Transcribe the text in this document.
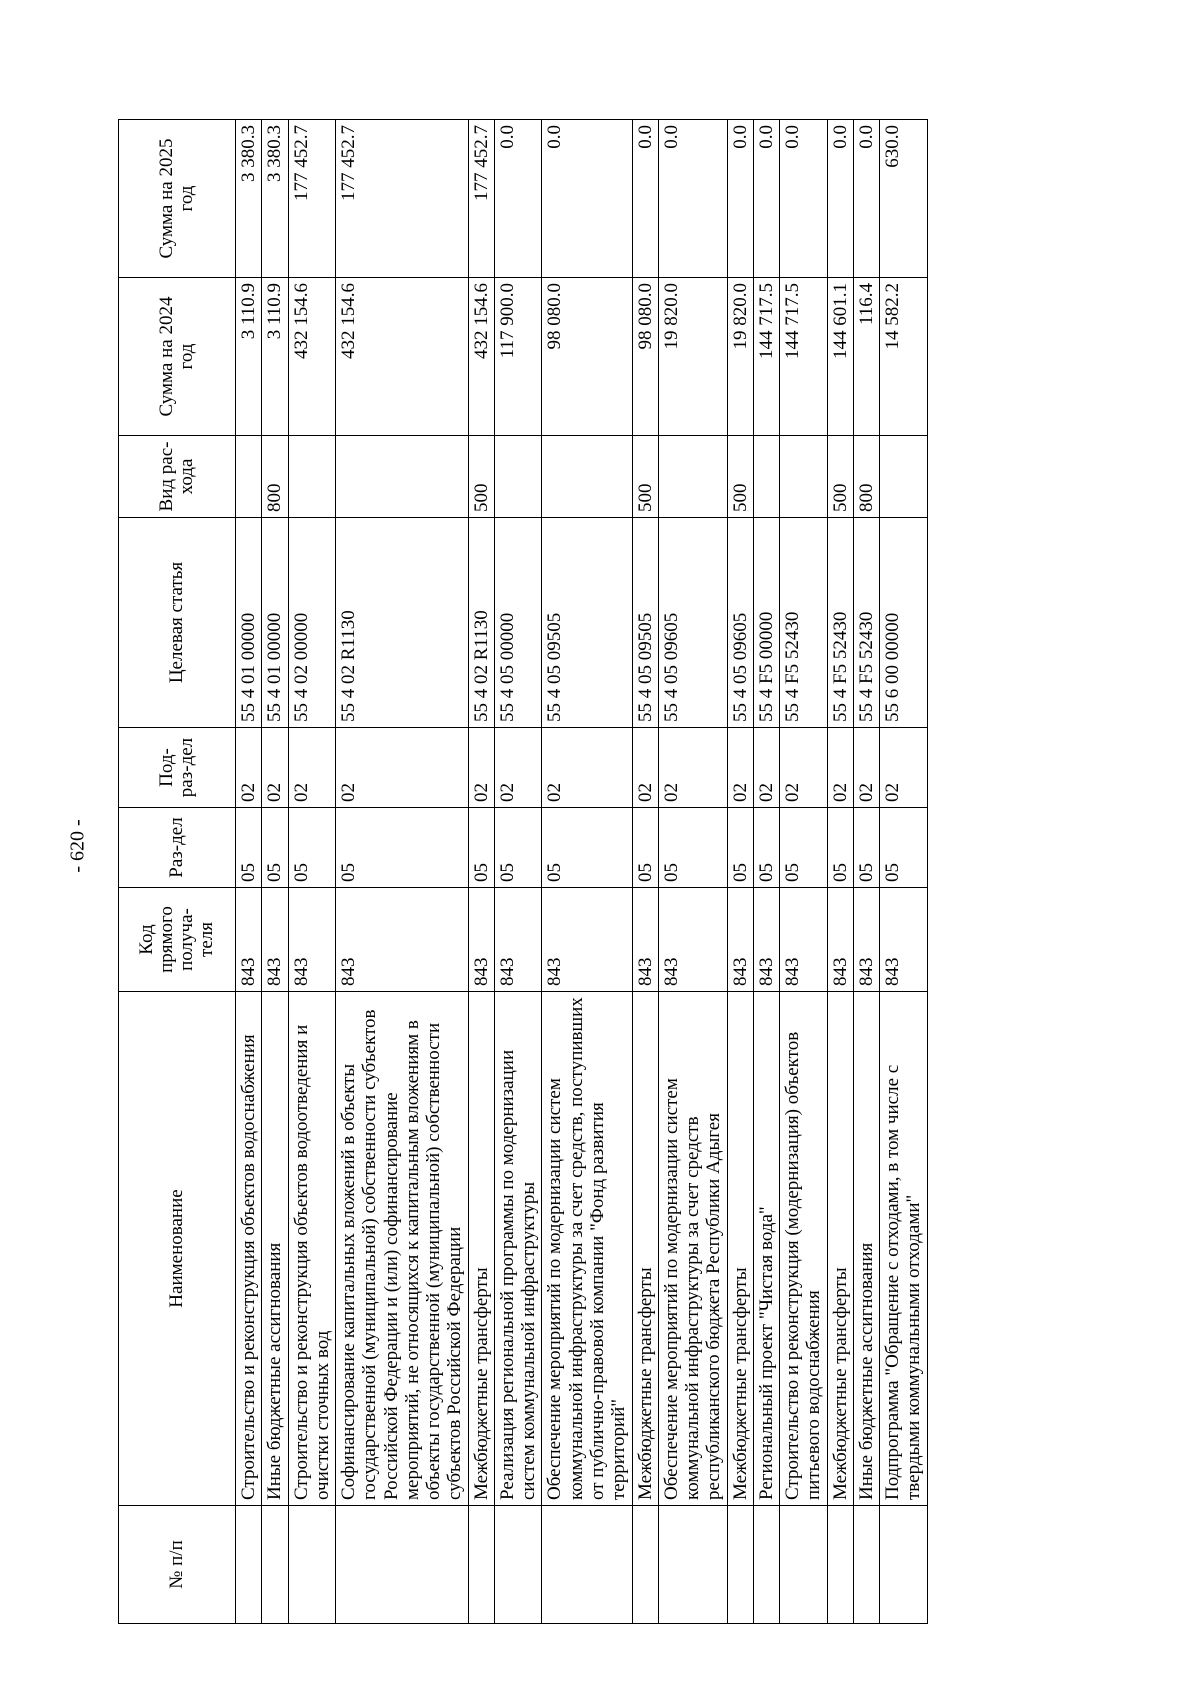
- 620 -
№ п/п	Наименование	Код прямого получа-теля	Раз-дел	Под-раз-дел	Целевая статья	Вид рас-хода	Сумма на 2024 год	Сумма на 2025 год
	Строительство и реконструкция объектов водоснабжения	843	05	02	55 4 01 00000		3 110.9	3 380.3
	Иные бюджетные ассигнования	843	05	02	55 4 01 00000	800	3 110.9	3 380.3
	Строительство и реконструкция объектов водоотведения и очистки сточных вод	843	05	02	55 4 02 00000		432 154.6	177 452.7
	Софинансирование капитальных вложений в объекты государственной (муниципальной) собственности субъектов Российской Федерации и (или) софинансирование мероприятий, не относящихся к капитальным вложениям в объекты государственной (муниципальной) собственности субъектов Российской Федерации	843	05	02	55 4 02 R1130		432 154.6	177 452.7
	Межбюджетные трансферты	843	05	02	55 4 02 R1130	500	432 154.6	177 452.7
	Реализация региональной программы по модернизации систем коммунальной инфраструктуры	843	05	02	55 4 05 00000		117 900.0	0.0
	Обеспечение мероприятий по модернизации систем коммунальной инфраструктуры за счет средств, поступивших от публично-правовой компании "Фонд развития территорий"	843	05	02	55 4 05 09505		98 080.0	0.0
	Межбюджетные трансферты	843	05	02	55 4 05 09505	500	98 080.0	0.0
	Обеспечение мероприятий по модернизации систем коммунальной инфраструктуры за счет средств республиканского бюджета Республики Адыгея	843	05	02	55 4 05 09605		19 820.0	0.0
	Межбюджетные трансферты	843	05	02	55 4 05 09605	500	19 820.0	0.0
	Региональный проект "Чистая вода"	843	05	02	55 4 F5 00000		144 717.5	0.0
	Строительство и реконструкция (модернизация) объектов питьевого водоснабжения	843	05	02	55 4 F5 52430		144 717.5	0.0
	Межбюджетные трансферты	843	05	02	55 4 F5 52430	500	144 601.1	0.0
	Иные бюджетные ассигнования	843	05	02	55 4 F5 52430	800	116.4	0.0
	Подпрограмма "Обращение с отходами, в том числе с твердыми коммунальными отходами"	843	05	02	55 6 00 00000		14 582.2	630.0
